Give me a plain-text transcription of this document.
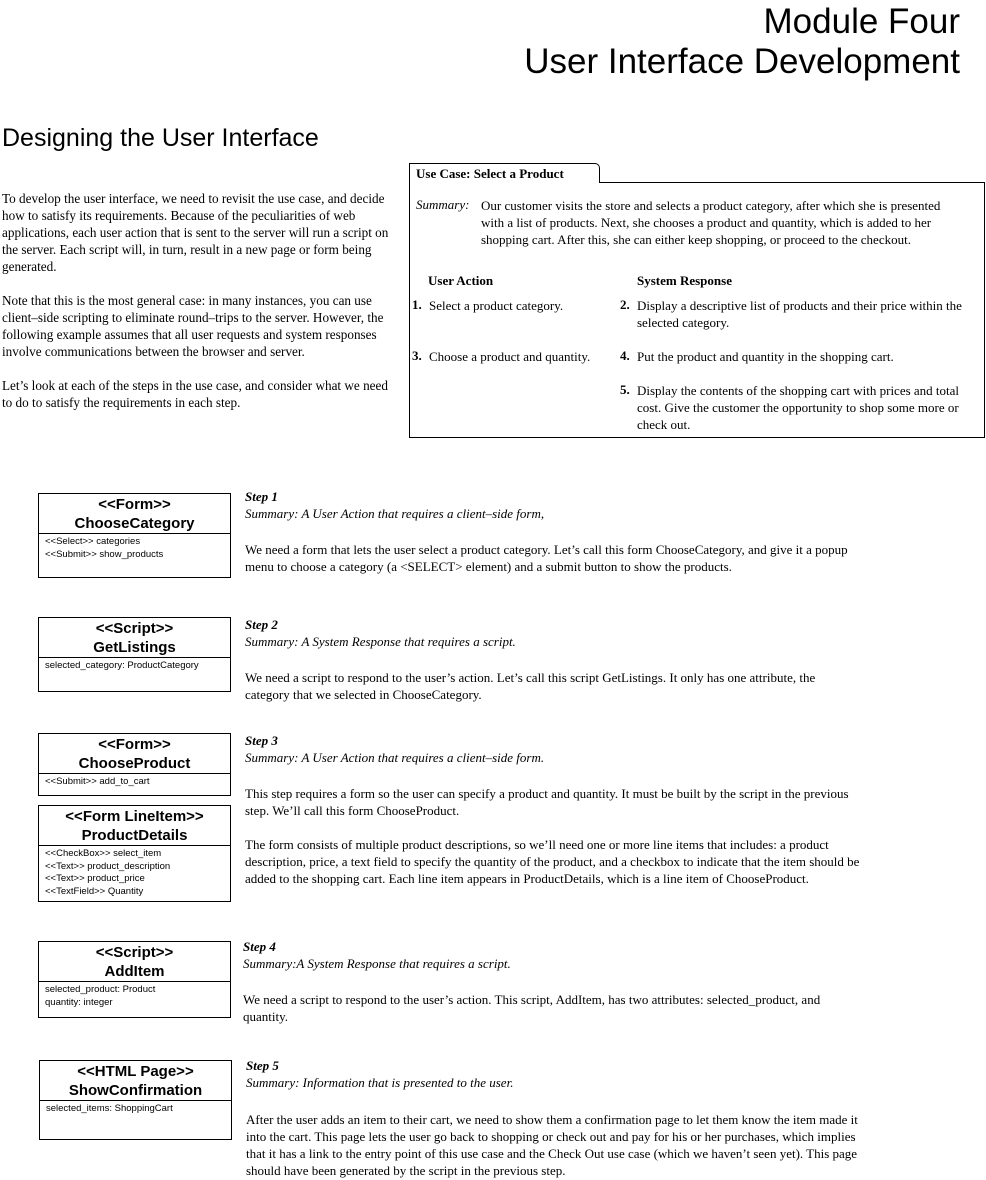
Module Four
User Interface Development
Designing the User Interface

To develop the user interface, we need to revisit the use case, and decide how to satisfy its requirements. Because of the peculiarities of web applications, each user action that is sent to the server will run a script on the server. Each script will, in turn, result in a new page or form being generated.

Note that this is the most general case: in many instances, you can use client–side scripting to eliminate round–trips to the server. However, the following example assumes that all user requests and system responses involve communications between the browser and server.

Let’s look at each of the steps in the use case, and consider what we need to do to satisfy the requirements in each step.

Use Case: Select a Product
Summary: Our customer visits the store and selects a product category, after which she is presented with a list of products. Next, she chooses a product and quantity, which is added to her shopping cart. After this, she can either keep shopping, or proceed to the checkout.
User Action	System Response
1. Select a product category.	2. Display a descriptive list of products and their price within the selected category.
3. Choose a product and quantity.	4. Put the product and quantity in the shopping cart.
5. Display the contents of the shopping cart with prices and total cost. Give the customer the opportunity to shop some more or check out.
<<Form>>
ChooseCategory
<<Select>> categories
<<Submit>> show_products
<<Script>>
GetListings
selected_category: ProductCategory
<<Form>>
ChooseProduct
<<Submit>> add_to_cart
<<Form LineItem>>
ProductDetails
<<CheckBox>> select_item
<<Text>> product_description
<<Text>> product_price
<<TextField>> Quantity
<<Script>>
AddItem
selected_product: Product
quantity: integer
<<HTML Page>>
ShowConfirmation
selected_items: ShoppingCart
Step 1
Summary: A User Action that requires a client–side form,
We need a form that lets the user select a product category. Let’s call this form ChooseCategory, and give it a popup menu to choose a category (a <SELECT> element) and a submit button to show the products.
Step 2
Summary: A System Response that requires a script.
We need a script to respond to the user’s action. Let’s call this script GetListings. It only has one attribute, the category that we selected in ChooseCategory.
Step 3
Summary: A User Action that requires a client–side form.
This step requires a form so the user can specify a product and quantity. It must be built by the script in the previous step. We’ll call this form ChooseProduct.
The form consists of multiple product descriptions, so we’ll need one or more line items that includes: a product description, price, a text field to specify the quantity of the product, and a checkbox to indicate that the item should be added to the shopping cart. Each line item appears in ProductDetails, which is a line item of ChooseProduct.
Step 4
Summary:A System Response that requires a script.
We need a script to respond to the user’s action. This script, AddItem, has two attributes: selected_product, and quantity.
Step 5
Summary: Information that is presented to the user.
After the user adds an item to their cart, we need to show them a confirmation page to let them know the item made it into the cart. This page lets the user go back to shopping or check out and pay for his or her purchases, which implies that it has a link to the entry point of this use case and the Check Out use case (which we haven’t seen yet). This page should have been generated by the script in the previous step.
